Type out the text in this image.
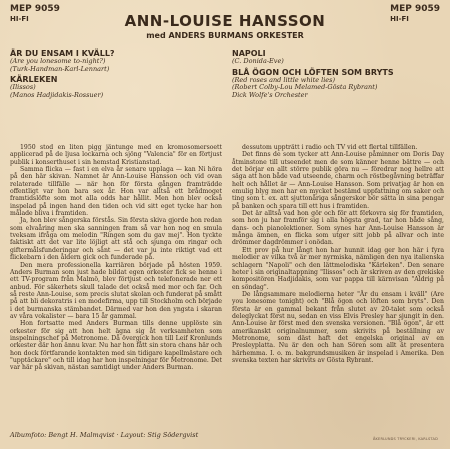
MEP 9059
HI-FI
MEP 9059
HI-FI
ANN-LOUISE HANSSON
med ANDERS BURMANS ORKESTER
ÄR DU ENSAM I KVÄLL?
(Are you lonesome to-night?)
(Turk-Handman-Karl-Lennart)
KÄRLEKEN
(Ilissos)
(Manos Hadjidakis-Rossuer)
NAPOLI
(C. Donida-Eve)
BLÅ ÖGON OCH LÖFTEN SOM BRYTS
(Red roses and little white lies)
(Robert Colby-Lou Melamed-Gösta Rybrant)
Dick Wolfe's Orchester

1950 stod en liten pigg jäntunge med en kromosomersoett applicerad på de ljusa lockarna och sjöng "Valencia" för en förtjust publik i konserthuset i sin hemstad Kristianstad.

Samma flicka — fast i en elva år senare upplaga — kan Ni höra på den här skivan. Namnet är Ann-Louise Hansson och vid ovan relaterade tillfälle — när hon för första gången framträdde offentligt var hon bara sex år. Hon var alltså ett brådmoget framtidslöfte som mot alla odds har hållit. Men hon blev också inspelad på ingen hand den tiden och vid sitt eget tycke har hon målade bliva i framtiden.

Ja, hon blev sångerska förstås. Sin första skiva gjorde hon redan som elvaåring men ska sanningen fram så var hon nog en smula tveksam ifråga om melodin "Ringen som du gav mej". Hon tyckte faktiskt att det var lite löjligt att stå och sjunga om ringar och giftermålsfunderingar och sånt — det var ju inte riktigt vad ett flickebarn i den åldern gick och funderade på.

Den mera professionella karriären började på hösten 1959. Anders Burman som just hade bildat egen orkester fick se henne i ett TV-program från Malmö, blev förtjust och telefonerade ner ett anbud. För säkerhets skull talade det också med mor och far. Och så reste Ann-Louise, som precis slutat skolan och funderat på smått på att bli dekoratris i en modefirma, upp till Stockholm och började i det burmanska stämbandet. Därmed var hon den yngsta i skaran av våra vokalister — bara 15 år gammal.

Hon fortsatte med Anders Burman tills denne upplöste sin orkester för sig att hon helt ägna sig åt verksamheten som inspelningschef på Metronome. Då övergick hon till Leif Kronlunds orkester där hon ännu kvar. Nu har hon fått sin stora chans här och hon dock förtfarande kontakten med sin tidigare kapellmästare och "upptäckare" och till idag har hon inspelningar för Metronome. Det var här på skivan, nästan samtidigt under Anders Burman.

dessutom uppträtt i radio och TV vid ett flertal tillfällen.

Det finns de som tycker att Ann-Louise påminner om Doris Day åtminstone till utseendet men de som känner henne bättre — och det börjar en allt större publik göra nu — föredrar nog hellre att säga att hon både vad utseende, charm och röstbegåvning beträffar helt och hållet är — Ann-Louise Hansson. Som privatjag är hon en emulig blyg men har en mycket bestämd uppfattning om saker och ting som t. ex. att sjuttonåriga sångerskor bör sätta in sina pengar på banken och spara till ett hus i framtiden.

Det är alltså vad hon gör och för att förkovra sig för framtiden, som hon ju har framför sig i alla högsta grad, tar hon både sång, dans- och pianolektioner. Som synes har Ann-Louise Hansson är många ämnen, en flicka som utger sitt jobb på allvar och inte drömmer dagdrömmer i onödan.

Ett prov på hur långt hon har hunnit idag ger hon här i fyra melodier av vilka två är mer nyrmiska, nämligen den nya italienska schlagern "Napoli" och den lättmelodiska "Kärleken". Den senare heter i sin originaltappning "Ilissos" och är skriven av den grekiske kompositören Hadjidakis, som var pappa till kärnvisan "Aldrig på en söndag".

De långsammare melodierna heter "Är du ensam i kväll" (Are you lonesome tonight) och "Blå ögon och löften som bryts". Den första är en gammal bekant från slutet av 20-talet som också deleglyckat först nu, sedan en viss Elvis Presley har sjungit in den. Ann-Louise är först med den svenska versionen. "Blå ögon", är ett amerikanskt originalnummer, som skrivits på beställning av Metronome, som däst haft det engelska original av en Presleyplatta. Nu är den och han Sören som allt ät presentera härhemma. I. o. m. bakgrundsmusiken är inspelad i Amerika. Den svenska texten har skrivits av Gösta Rybrant.

Albumfoto: Bengt H. Malmqvist · Layout: Stig Södergvist	ÅKERLUNDS TRYCKERI, KARLSTAD
